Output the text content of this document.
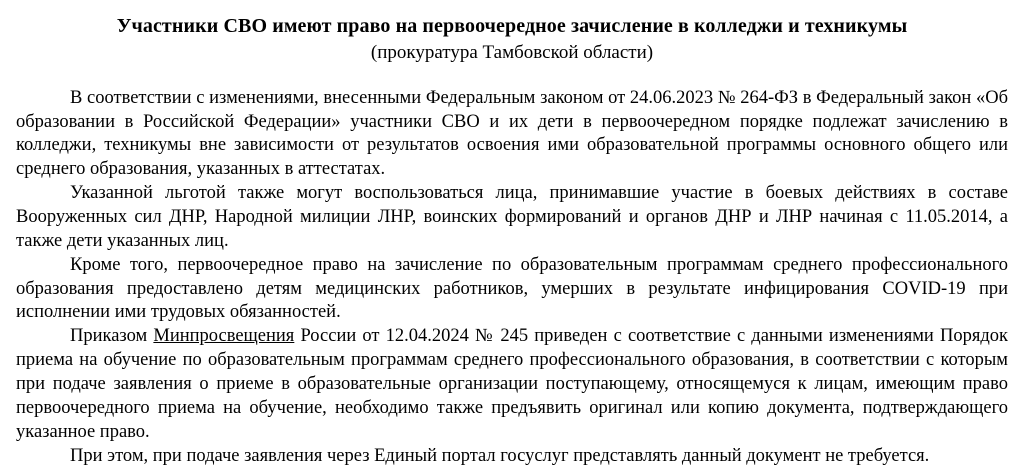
Участники СВО имеют право на первоочередное зачисление в колледжи и техникумы
(прокуратура Тамбовской области)

В соответствии с изменениями, внесенными Федеральным законом от 24.06.2023 № 264-ФЗ в Федеральный закон «Об образовании в Российской Федерации» участники СВО и их дети в первоочередном порядке подлежат зачислению в колледжи, техникумы вне зависимости от результатов освоения ими образовательной программы основного общего или среднего образования, указанных в аттестатах.

Указанной льготой также могут воспользоваться лица, принимавшие участие в боевых действиях в составе Вооруженных сил ДНР, Народной милиции ЛНР, воинских формирований и органов ДНР и ЛНР начиная с 11.05.2014, а также дети указанных лиц.

Кроме того, первоочередное право на зачисление по образовательным программам среднего профессионального образования предоставлено детям медицинских работников, умерших в результате инфицирования COVID-19 при исполнении ими трудовых обязанностей.

Приказом Минпросвещения России от 12.04.2024 № 245 приведен с соответствие с данными изменениями Порядок приема на обучение по образовательным программам среднего профессионального образования, в соответствии с которым при подаче заявления о приеме в образовательные организации поступающему, относящемуся к лицам, имеющим право первоочередного приема на обучение, необходимо также предъявить оригинал или копию документа, подтверждающего указанное право.

При этом, при подаче заявления через Единый портал госуслуг представлять данный документ не требуется.
